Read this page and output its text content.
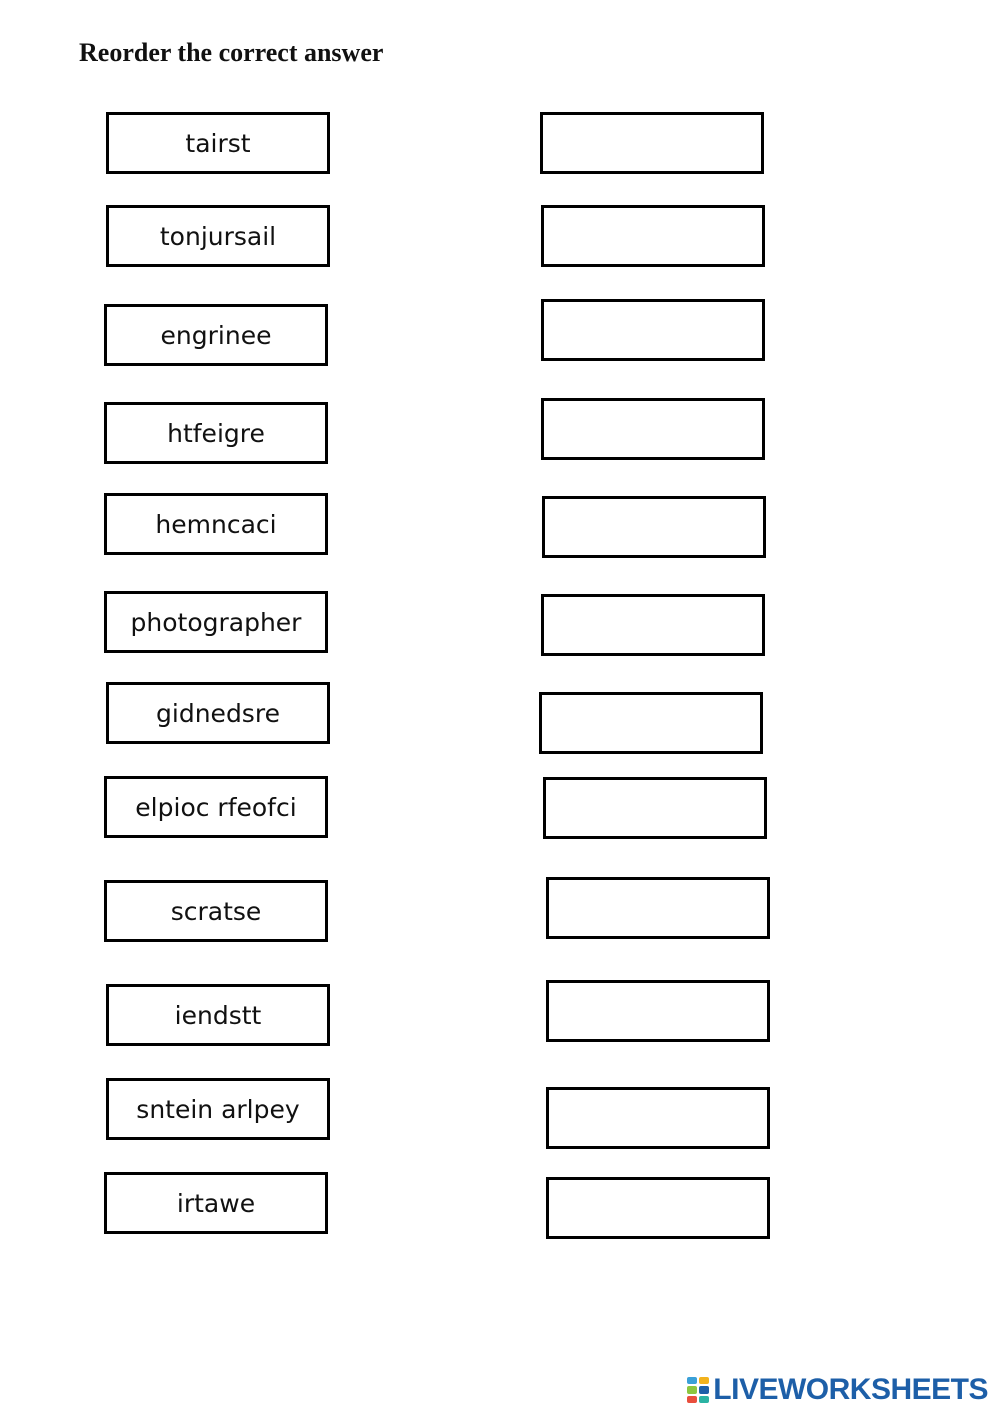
Reorder the correct answer
tairst
tonjursail
engrinee
htfeigre
hemncaci
photographer
gidnedsre
elpioc rfeofci
scratse
iendstt
sntein arlpey
irtawe
LIVEWORKSHEETS
